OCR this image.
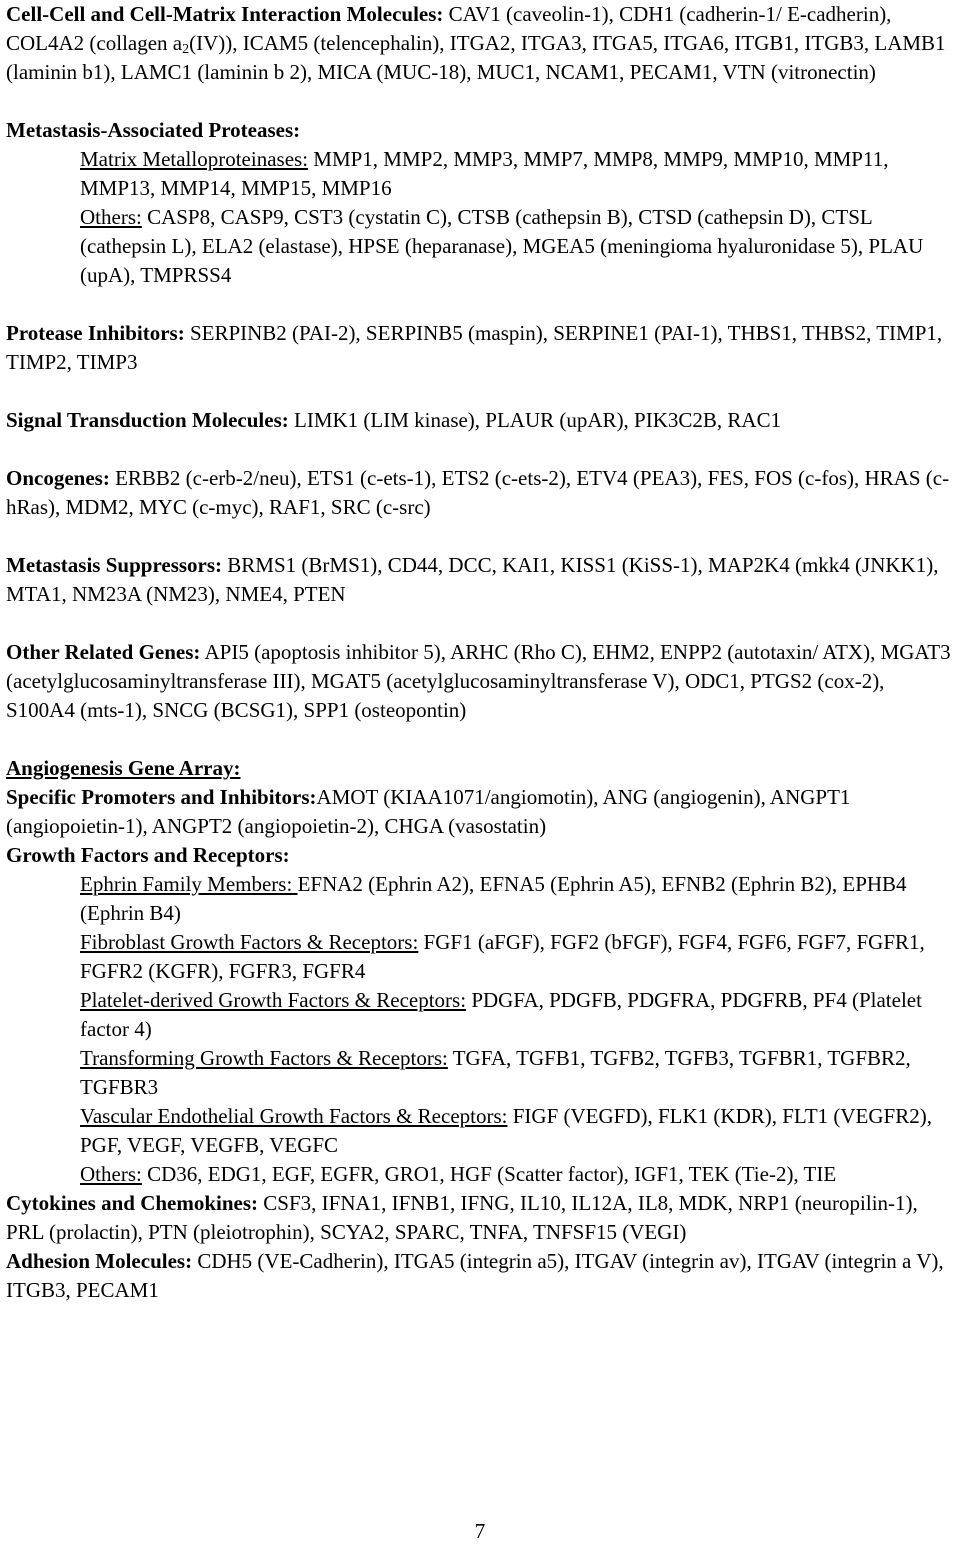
Cell-Cell and Cell-Matrix Interaction Molecules: CAV1 (caveolin-1), CDH1 (cadherin-1/ E-cadherin), COL4A2 (collagen $a_2(IV)$), ICAM5 (telencephalin), ITGA2, ITGA3, ITGA5, ITGA6, ITGB1, ITGB3, LAMB1 (laminin b1), LAMC1 (laminin b 2), MICA (MUC-18), MUC1, NCAM1, PECAM1, VTN (vitronectin)

Metastasis-Associated Proteases:

Matrix Metalloproteinases: MMP1, MMP2, MMP3, MMP7, MMP8, MMP9, MMP10, MMP11, MMP13, MMP14, MMP15, MMP16

Others: CASP8, CASP9, CST3 (cystatin C), CTSB (cathepsin B), CTSD (cathepsin D), CTSL (cathepsin L), ELA2 (elastase), HPSE (heparanase), MGEA5 (meningioma hyaluronidase 5), PLAU (upA), TMPRSS4

Protease Inhibitors: SERPINB2 (PAI-2), SERPINB5 (maspin), SERPINE1 (PAI-1), THBS1, THBS2, TIMP1, TIMP2, TIMP3

Signal Transduction Molecules: LIMK1 (LIM kinase), PLAUR (upAR), PIK3C2B, RAC1

Oncogenes: ERBB2 (c-erb-2/neu), ETS1 (c-ets-1), ETS2 (c-ets-2), ETV4 (PEA3), FES, FOS (c-fos), HRAS (c-hRas), MDM2, MYC (c-myc), RAF1, SRC (c-src)

Metastasis Suppressors: BRMS1 (BrMS1), CD44, DCC, KAI1, KISS1 (KiSS-1), MAP2K4 (mkk4 (JNKK1), MTA1, NM23A (NM23), NME4, PTEN

Other Related Genes: API5 (apoptosis inhibitor 5), ARHC (Rho C), EHM2, ENPP2 (autotaxin/ ATX), MGAT3 (acetylglucosaminyltransferase III), MGAT5 (acetylglucosaminyltransferase V), ODC1, PTGS2 (cox-2), S100A4 (mts-1), SNCG (BCSG1), SPP1 (osteopontin)

Angiogenesis Gene Array:

Specific Promoters and Inhibitors:AMOT (KIAA1071/angiomotin), ANG (angiogenin), ANGPT1 (angiopoietin-1), ANGPT2 (angiopoietin-2), CHGA (vasostatin)

Growth Factors and Receptors:

Ephrin Family Members: EFNA2 (Ephrin A2), EFNA5 (Ephrin A5), EFNB2 (Ephrin B2), EPHB4 (Ephrin B4)

Fibroblast Growth Factors & Receptors: FGF1 (aFGF), FGF2 (bFGF), FGF4, FGF6, FGF7, FGFR1, FGFR2 (KGFR), FGFR3, FGFR4

Platelet-derived Growth Factors & Receptors: PDGFA, PDGFB, PDGFRA, PDGFRB, PF4 (Platelet factor 4)

Transforming Growth Factors & Receptors: TGFA, TGFB1, TGFB2, TGFB3, TGFBR1, TGFBR2, TGFBR3

Vascular Endothelial Growth Factors & Receptors: FIGF (VEGFD), FLK1 (KDR), FLT1 (VEGFR2), PGF, VEGF, VEGFB, VEGFC

Others: CD36, EDG1, EGF, EGFR, GRO1, HGF (Scatter factor), IGF1, TEK (Tie-2), TIE

Cytokines and Chemokines: CSF3, IFNA1, IFNB1, IFNG, IL10, IL12A, IL8, MDK, NRP1 (neuropilin-1), PRL (prolactin), PTN (pleiotrophin), SCYA2, SPARC, TNFA, TNFSF15 (VEGI)

Adhesion Molecules: CDH5 (VE-Cadherin), ITGA5 (integrin a5), ITGAV (integrin av), ITGAV (integrin a V), ITGB3, PECAM1

7
